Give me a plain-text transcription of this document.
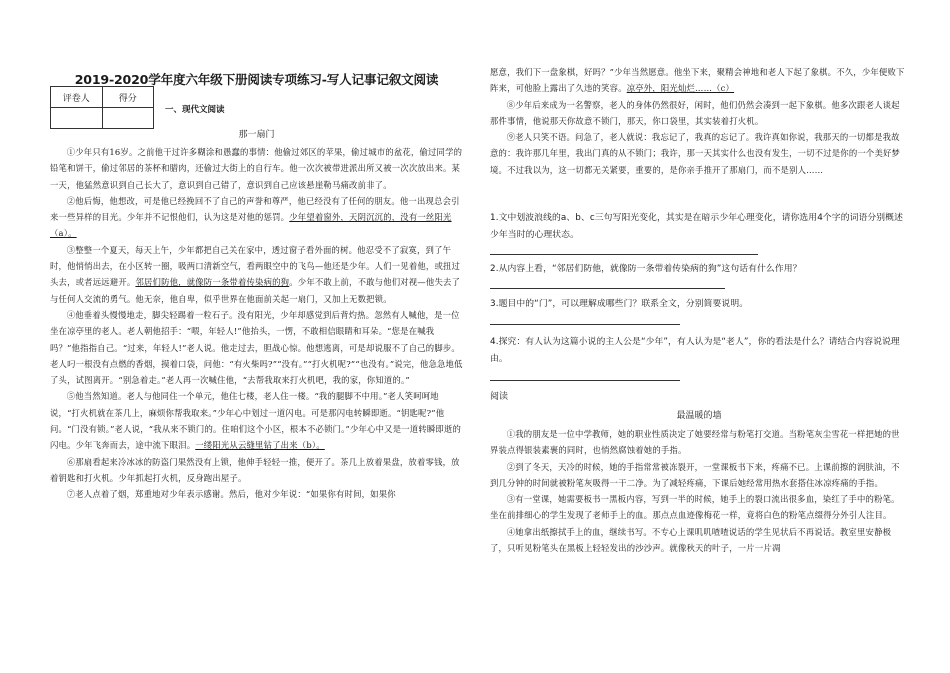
2019-2020学年度六年级下册阅读专项练习-写人记事记叙文阅读
评卷人	得分

一、现代文阅读
那一扇门

①少年只有16岁。之前他干过许多糊涂和愚蠢的事情：他偷过郊区的苹果，偷过城市的盆花，偷过同学的铅笔和饼干，偷过邻居的茶杯和腊肉，还偷过大街上的自行车。他一次次被带进派出所又被一次次放出来。某一天，他猛然意识到自己长大了，意识到自己错了，意识到自己应该悬崖勒马痛改前非了。

②他后悔，他想改，可是他已经挽回不了自己的声誉和尊严，他已经没有了任何的朋友。他一出现总会引来一些异样的目光。少年并不记恨他们，认为这是对他的惩罚。少年望着窗外，天阴沉沉的，没有一丝阳光（a）。

③整整一个夏天，每天上午，少年都把自己关在家中，透过窗子看外面的树。他忍受不了寂寞，到了午时，他悄悄出去，在小区转一圈，吸两口清新空气，看两眼空中的飞鸟—他还是少年。人们一见着他，或扭过头去，或者远远避开。邻居们防他，就像防一条带着传染病的狗。少年不敢上前，不敢与他们对视—他失去了与任何人交流的勇气。他无奈，他自卑，似乎世界在他面前关起一扇门，又加上无数把锁。

④他垂着头慢慢地走，脚尖轻踢着一粒石子。没有阳光，少年却感觉到后背灼热。忽然有人喊他，是一位坐在凉亭里的老人。老人朝他招手：“喂，年轻人!”他抬头，一愣，不敢相信眼睛和耳朵。“您是在喊我吗？”他指指自己。“过来，年轻人!”老人说。他走过去，胆战心惊。他想逃离，可是却说服不了自己的脚步。老人叼一根没有点燃的香烟，摸着口袋，问他：“有火柴吗?”“没有。”“打火机呢?”“也没有。”说完，他急急地低了头，试图离开。“别急着走。”老人再一次喊住他，“去帮我取来打火机吧，我的家，你知道的。”

⑤他当然知道。老人与他同住一个单元，他住七楼，老人住一楼。“我的腿脚不中用。”老人笑呵呵地说，“打火机就在茶几上，麻烦你帮我取来。”少年心中划过一道闪电。可是那闪电转瞬即逝。“钥匙呢?”他问。“门没有锁。”老人说，“我从来不锁门的。住咱们这个小区，根本不必锁门。”少年心中又是一道转瞬即逝的闪电。少年飞奔而去，途中流下眼泪。一缕阳光从云缝里钻了出来（b）。

⑥那扇看起来冷冰冰的防盗门果然没有上锁，他伸手轻轻一推，便开了。茶几上放着果盘，放着零钱，放着钥匙和打火机。少年抓起打火机，反身跑出屋子。

⑦老人点着了烟，郑重地对少年表示感谢。然后，他对少年说：“如果你有时间，如果你

愿意，我们下一盘象棋，好吗？”少年当然愿意。他坐下来，聚精会神地和老人下起了象棋。不久，少年便败下阵来，可他脸上露出了久违的笑容。凉亭外，阳光灿烂……（c）

⑧少年后来成为一名警察，老人的身体仍然很好，闲时，他们仍然会凑到一起下象棋。他多次跟老人谈起那件事情，他说那天你故意不锁门，那天，你口袋里，其实装着打火机。

⑨老人只笑不语。问急了，老人就说：我忘记了，我真的忘记了。我许真如你说，我那天的一切都是我故意的：我许那几年里，我出门真的从不锁门；我许，那一天其实什么也没有发生，一切不过是你的一个美好梦境。不过我以为，这一切都无关紧要，重要的，是你亲手推开了那扇门，而不是别人……

1.文中划波浪线的a、b、c三句写阳光变化，其实是在暗示少年心理变化，请你选用4个字的词语分别概述少年当时的心理状态。

2.从内容上看，“邻居们防他，就像防一条带着传染病的狗”这句话有什么作用？

3.题目中的“门”，可以理解成哪些门？联系全文，分别简要说明。

4.探究：有人认为这篇小说的主人公是“少年”，有人认为是“老人”，你的看法是什么？请结合内容说说理由。

阅读
最温暖的墙

①我的朋友是一位中学教师，她的职业性质决定了她要经常与粉笔打交道。当粉笔灰尘雪花一样把她的世界装点得银装素裹的同时，也悄然腐蚀着她的手指。

②到了冬天，天冷的时候，她的手指常常被冻裂开，一堂课板书下来，疼痛不已。上课前擦的润肤油，不到几分钟的时间就被粉笔灰吸得一干二净。为了减轻疼痛，下课后她经常用热水套搭住冰凉疼痛的手指。

③有一堂课，她需要板书一黑板内容，写到一半的时候，她手上的裂口流出很多血，染红了手中的粉笔。坐在前排细心的学生发现了老师手上的血。那点点血迹像梅花一样，竟将白色的粉笔点缀得分外引人注目。

④她拿出纸擦拭手上的血，继续书写。不专心上课叽叽喳喳说话的学生见状后不再说话。教室里安静极了，只听见粉笔头在黑板上轻轻发出的沙沙声。就像秋天的叶子，一片一片凋
